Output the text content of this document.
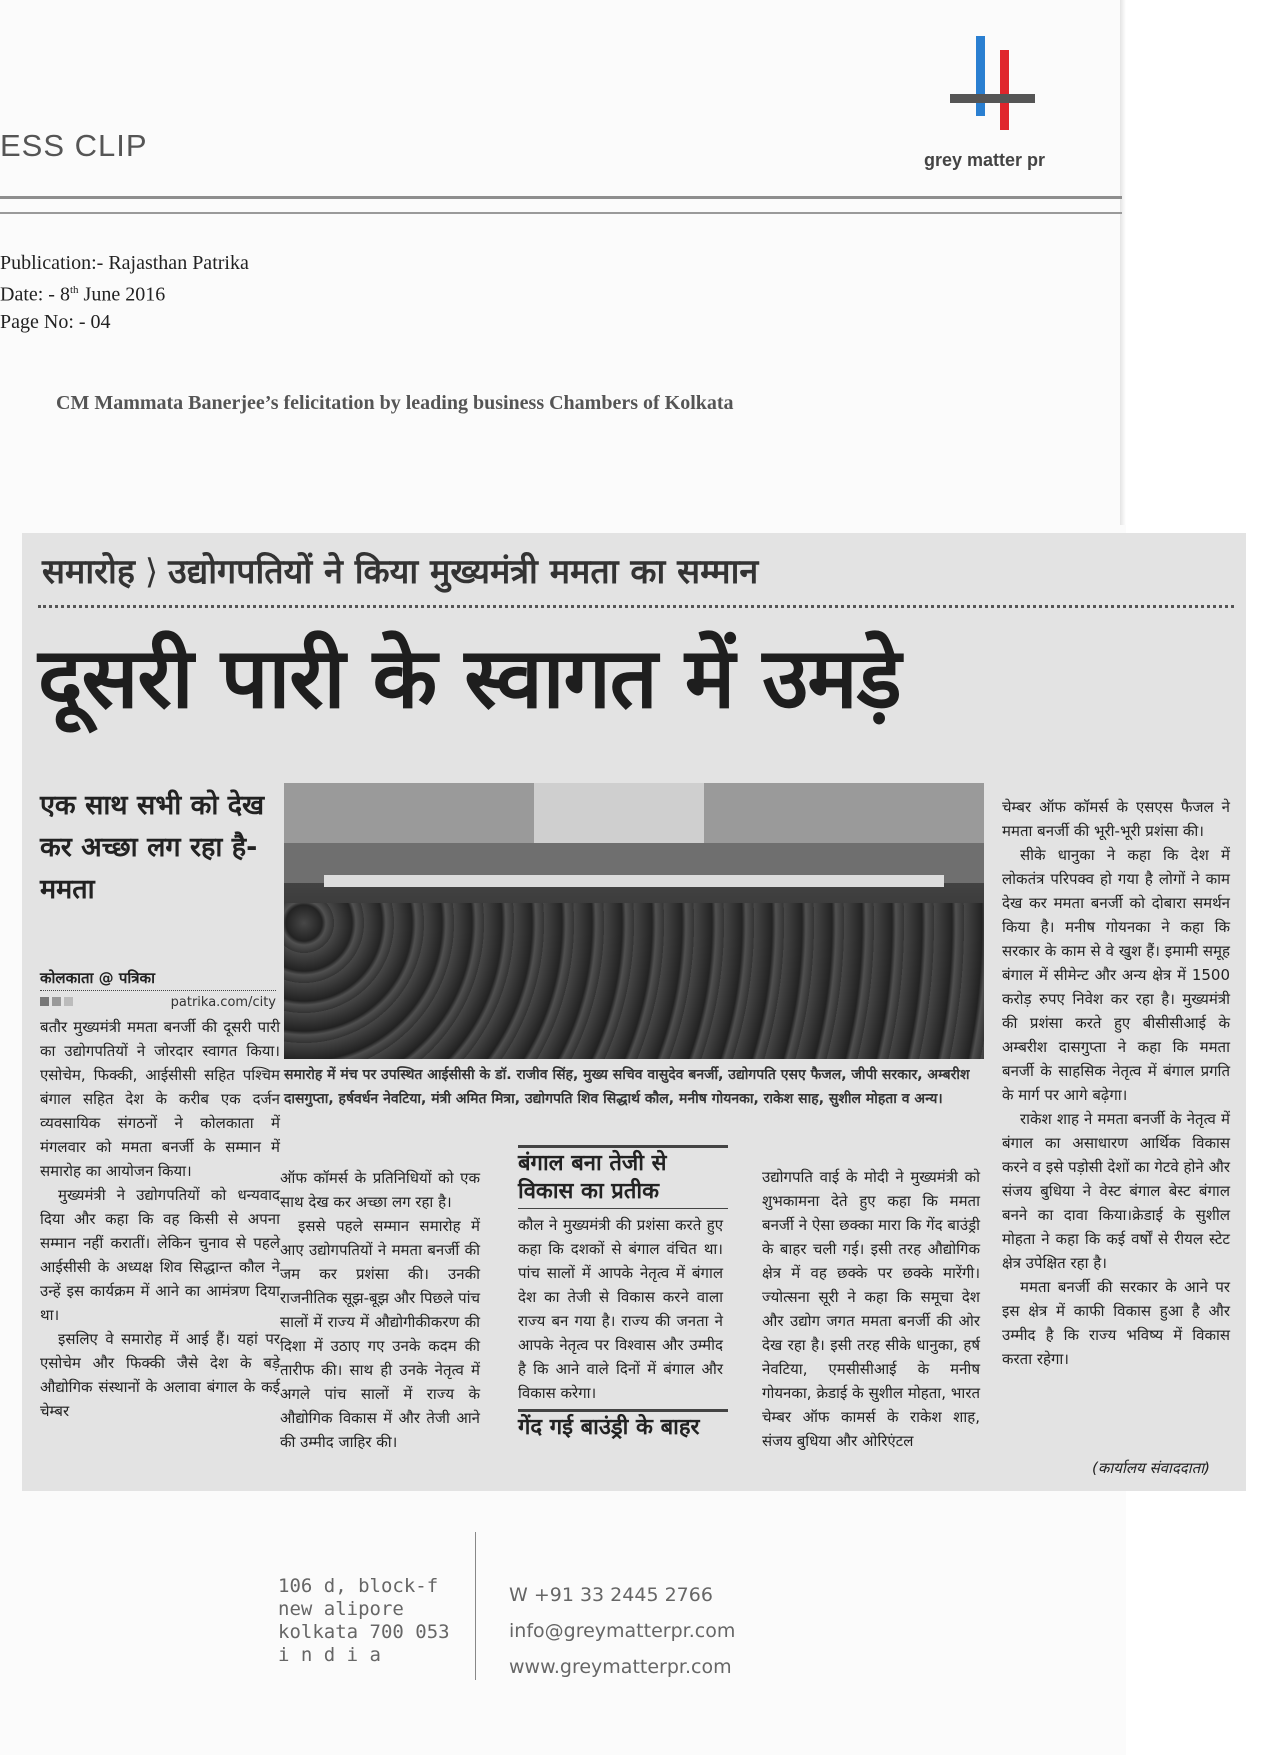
ESS CLIP	grey matter pr
Publication:- Rajasthan Patrika
Date: - 8th June 2016
Page No: - 04
CM Mammata Banerjee’s felicitation by leading business Chambers of Kolkata
समारोह ⟩ उद्योगपतियों ने किया मुख्यमंत्री ममता का सम्मान
दूसरी पारी के स्वागत में उमड़े
एक साथ सभी को देख कर अच्छा लग रहा है- ममता
कोलकाता @ पत्रिका
patrika.com/city

बतौर मुख्यमंत्री ममता बनर्जी की दूसरी पारी का उद्योगपतियों ने जोरदार स्वागत किया। एसोचेम, फिक्की, आईसीसी सहित पश्चिम बंगाल सहित देश के करीब एक दर्जन व्यवसायिक संगठनों ने कोलकाता में मंगलवार को ममता बनर्जी के सम्मान में समारोह का आयोजन किया।

मुख्यमंत्री ने उद्योगपतियों को धन्यवाद दिया और कहा कि वह किसी से अपना सम्मान नहीं करातीं। लेकिन चुनाव से पहले आईसीसी के अध्यक्ष शिव सिद्धान्त कौल ने उन्हें इस कार्यक्रम में आने का आमंत्रण दिया था।

इसलिए वे समारोह में आई हैं। यहां पर एसोचेम और फिक्की जैसे देश के बड़े औद्योगिक संस्थानों के अलावा बंगाल के कई चेम्बर

समारोह में मंच पर उपस्थित आईसीसी के डॉ. राजीव सिंह, मुख्य सचिव वासुदेव बनर्जी, उद्योगपति एसए फैजल, जीपी सरकार, अम्बरीश दासगुप्ता, हर्षवर्धन नेवटिया, मंत्री अमित मित्रा, उद्योगपति शिव सिद्धार्थ कौल, मनीष गोयनका, राकेश साह, सुशील मोहता व अन्य।

ऑफ कॉमर्स के प्रतिनिधियों को एक साथ देख कर अच्छा लग रहा है।

इससे पहले सम्मान समारोह में आए उद्योगपतियों ने ममता बनर्जी की जम कर प्रशंसा की। उनकी राजनीतिक सूझ-बूझ और पिछले पांच सालों में राज्य में औद्योगीकीकरण की दिशा में उठाए गए उनके कदम की तारीफ की। साथ ही उनके नेतृत्व में अगले पांच सालों में राज्य के औद्योगिक विकास में और तेजी आने की उम्मीद जाहिर की।

बंगाल बना तेजी से विकास का प्रतीक

कौल ने मुख्यमंत्री की प्रशंसा करते हुए कहा कि दशकों से बंगाल वंचित था। पांच सालों में आपके नेतृत्व में बंगाल देश का तेजी से विकास करने वाला राज्य बन गया है। राज्य की जनता ने आपके नेतृत्व पर विश्वास और उम्मीद है कि आने वाले दिनों में बंगाल और विकास करेगा।

गेंद गई बाउंड्री के बाहर

उद्योगपति वाई के मोदी ने मुख्यमंत्री को शुभकामना देते हुए कहा कि ममता बनर्जी ने ऐसा छक्का मारा कि गेंद बाउंड्री के बाहर चली गई। इसी तरह औद्योगिक क्षेत्र में वह छक्के पर छक्के मारेंगी। ज्योत्सना सूरी ने कहा कि समूचा देश और उद्योग जगत ममता बनर्जी की ओर देख रहा है। इसी तरह सीके धानुका, हर्ष नेवटिया, एमसीसीआई के मनीष गोयनका, क्रेडाई के सुशील मोहता, भारत चेम्बर ऑफ कामर्स के राकेश शाह, संजय बुधिया और ओरिएंटल

चेम्बर ऑफ कॉमर्स के एसएस फैजल ने ममता बनर्जी की भूरी-भूरी प्रशंसा की।

सीके धानुका ने कहा कि देश में लोकतंत्र परिपक्व हो गया है लोगों ने काम देख कर ममता बनर्जी को दोबारा समर्थन किया है। मनीष गोयनका ने कहा कि सरकार के काम से वे खुश हैं। इमामी समूह बंगाल में सीमेन्ट और अन्य क्षेत्र में 1500 करोड़ रुपए निवेश कर रहा है। मुख्यमंत्री की प्रशंसा करते हुए बीसीसीआई के अम्बरीश दासगुप्ता ने कहा कि ममता बनर्जी के साहसिक नेतृत्व में बंगाल प्रगति के मार्ग पर आगे बढ़ेगा।

राकेश शाह ने ममता बनर्जी के नेतृत्व में बंगाल का असाधारण आर्थिक विकास करने व इसे पड़ोसी देशों का गेटवे होने और संजय बुधिया ने वेस्ट बंगाल बेस्ट बंगाल बनने का दावा किया।क्रेडाई के सुशील मोहता ने कहा कि कई वर्षों से रीयल स्टेट क्षेत्र उपेक्षित रहा है।

ममता बनर्जी की सरकार के आने पर इस क्षेत्र में काफी विकास हुआ है और उम्मीद है कि राज्य भविष्य में विकास करता रहेगा।

(कार्यालय संवाददाता)
106 d, block-f
new alipore
kolkata 700 053
i n d i a
W +91 33 2445 2766
info@greymatterpr.com
www.greymatterpr.com
